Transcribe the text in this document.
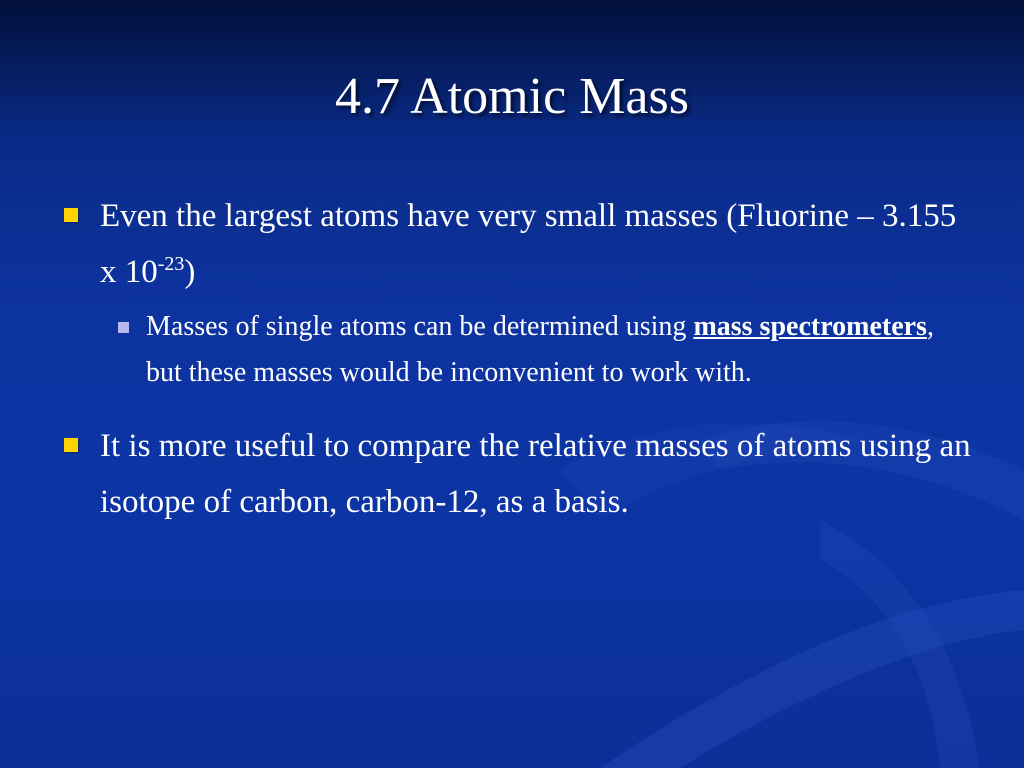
4.7 Atomic Mass
Even the largest atoms have very small masses (Fluorine – 3.155 x $10^{-23}$)
Masses of single atoms can be determined using mass spectrometers, but these masses would be inconvenient to work with.
It is more useful to compare the relative masses of atoms using an isotope of carbon, carbon-12, as a basis.
